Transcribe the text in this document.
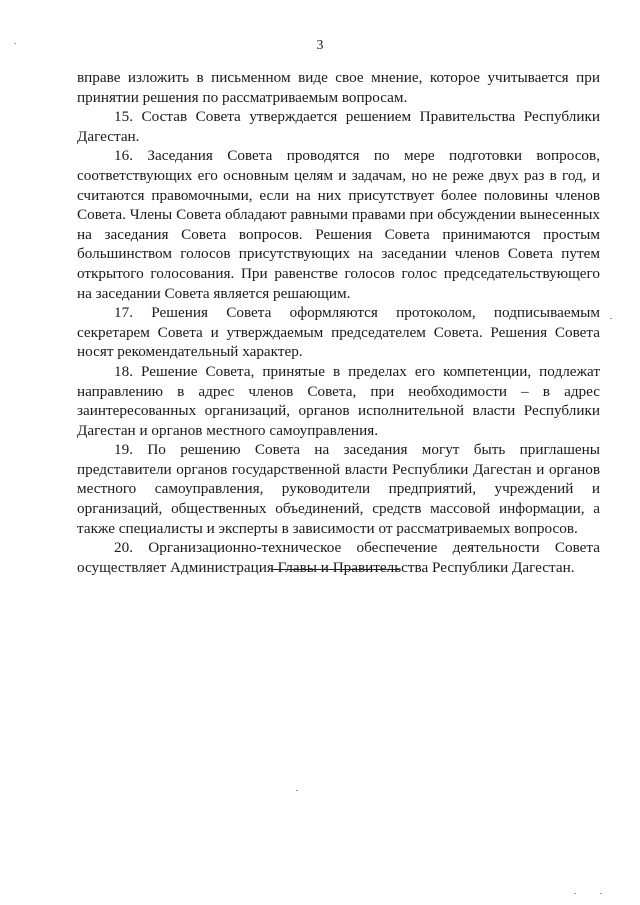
3

вправе изложить в письменном виде свое мнение, которое учитывается при принятии решения по рассматриваемым вопросам.

15. Состав Совета утверждается решением Правительства Республики Дагестан.

16. Заседания Совета проводятся по мере подготовки вопросов, соответствующих его основным целям и задачам, но не реже двух раз в год, и считаются правомочными, если на них присутствует более половины членов Совета. Члены Совета обладают равными правами при обсуждении вынесенных на заседания Совета вопросов. Решения Совета принимаются простым большинством голосов присутствующих на заседании членов Совета путем открытого голосования. При равенстве голосов голос председательствующего на заседании Совета является решающим.

17. Решения Совета оформляются протоколом, подписываемым секретарем Совета и утверждаемым председателем Совета. Решения Совета носят рекомендательный характер.

18. Решение Совета, принятые в пределах его компетенции, подлежат направлению в адрес членов Совета, при необходимости – в адрес заинтересованных организаций, органов исполнительной власти Республики Дагестан и органов местного самоуправления.

19. По решению Совета на заседания могут быть приглашены представители органов государственной власти Республики Дагестан и органов местного самоуправления, руководители предприятий, учреждений и организаций, общественных объединений, средств массовой информации, а также специалисты и эксперты в зависимости от рассматриваемых вопросов.

20. Организационно-техническое обеспечение деятельности Совета осуществляет Администрация Главы и Правительства Республики Дагестан.
